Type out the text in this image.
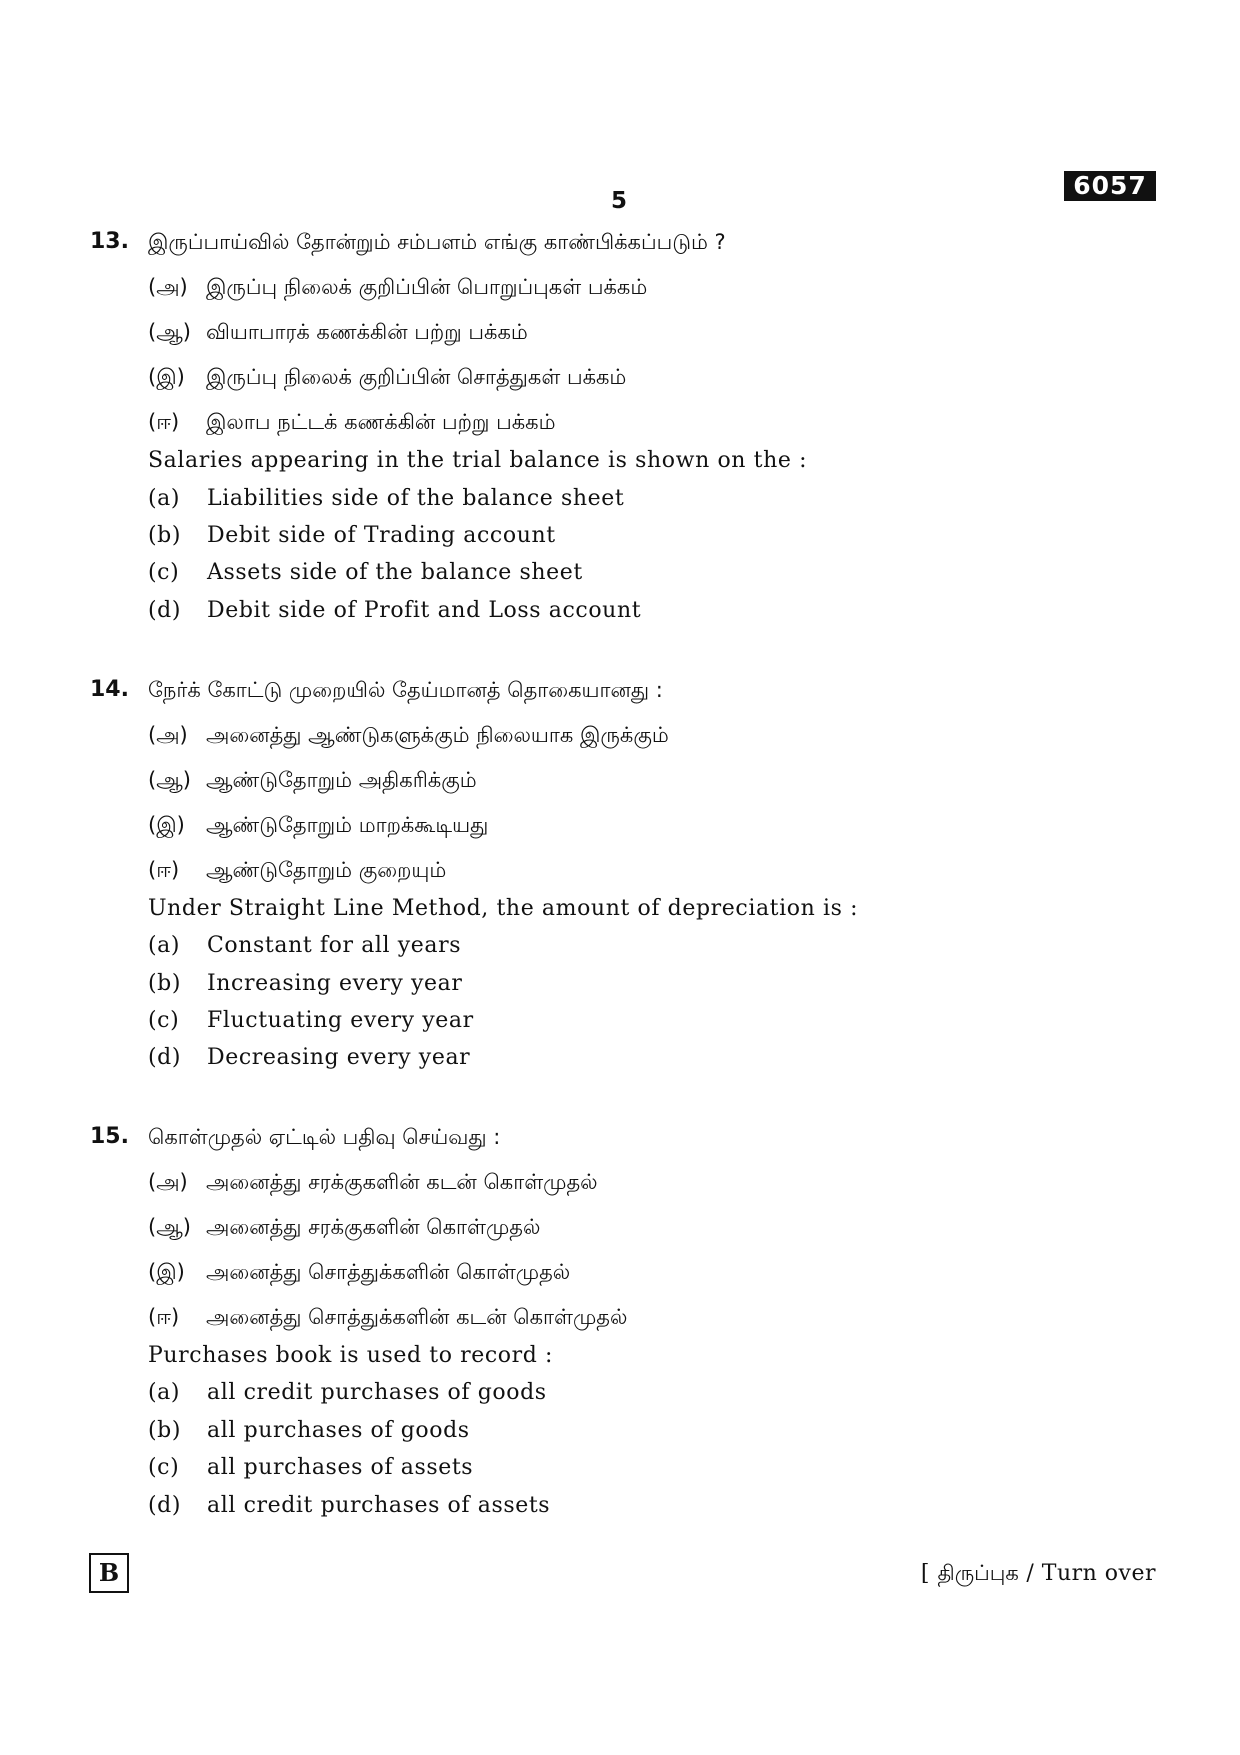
6057
5
13. இருப்பாய்வில் தோன்றும் சம்பளம் எங்கு காண்பிக்கப்படும் ?
(அ) இருப்பு நிலைக் குறிப்பின் பொறுப்புகள் பக்கம்
(ஆ) வியாபாரக் கணக்கின் பற்று பக்கம்
(இ) இருப்பு நிலைக் குறிப்பின் சொத்துகள் பக்கம்
(ஈ) இலாப நட்டக் கணக்கின் பற்று பக்கம்
Salaries appearing in the trial balance is shown on the :
(a) Liabilities side of the balance sheet
(b) Debit side of Trading account
(c) Assets side of the balance sheet
(d) Debit side of Profit and Loss account
14. நேர்க் கோட்டு முறையில் தேய்மானத் தொகையானது :
(அ) அனைத்து ஆண்டுகளுக்கும் நிலையாக இருக்கும்
(ஆ) ஆண்டுதோறும் அதிகரிக்கும்
(இ) ஆண்டுதோறும் மாறக்கூடியது
(ஈ) ஆண்டுதோறும் குறையும்
Under Straight Line Method, the amount of depreciation is :
(a) Constant for all years
(b) Increasing every year
(c) Fluctuating every year
(d) Decreasing every year
15. கொள்முதல் ஏட்டில் பதிவு செய்வது :
(அ) அனைத்து சரக்குகளின் கடன் கொள்முதல்
(ஆ) அனைத்து சரக்குகளின் கொள்முதல்
(இ) அனைத்து சொத்துக்களின் கொள்முதல்
(ஈ) அனைத்து சொத்துக்களின் கடன் கொள்முதல்
Purchases book is used to record :
(a) all credit purchases of goods
(b) all purchases of goods
(c) all purchases of assets
(d) all credit purchases of assets
B	[ திருப்புக / Turn over
